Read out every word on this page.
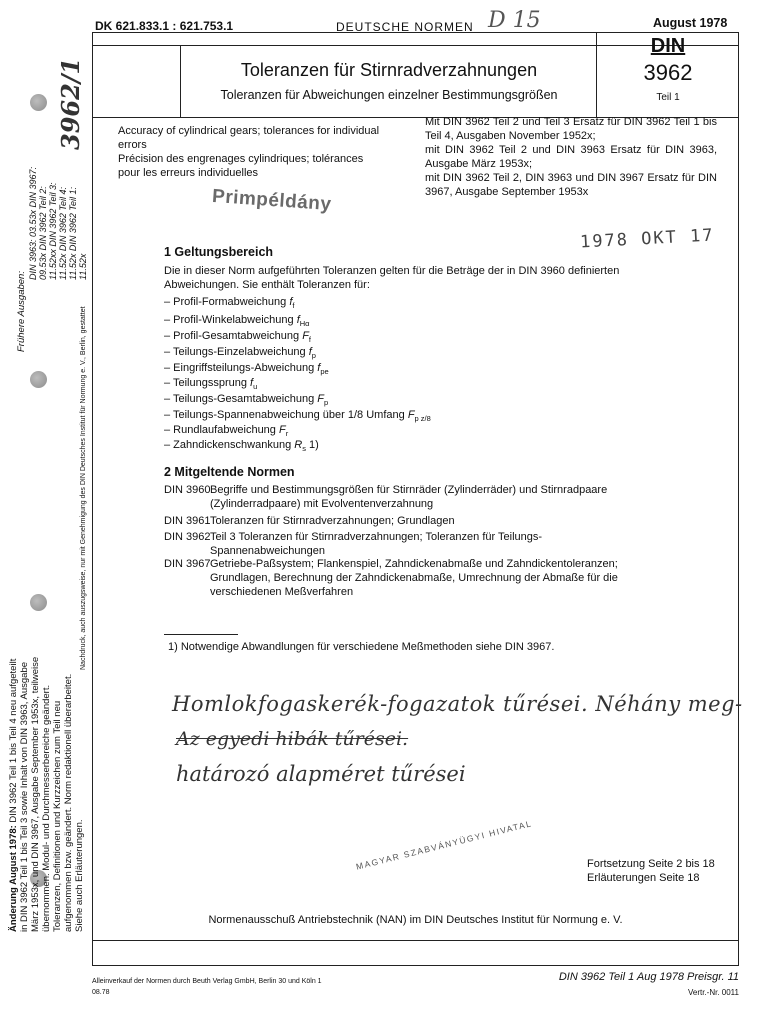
Frühere Ausgaben:
DIN 3963: 03.53x DIN 3967: 09.53x DIN 3962 Teil 2: 11.52xx DIN 3962 Teil 3: 11.52x DIN 3962 Teil 4: 11.52x DIN 3962 Teil 1: 11.52x
3962/1
Änderung August 1978: DIN 3962 Teil 1 bis Teil 4 neu aufgeteilt in DIN 3962 Teil 1 bis Teil 3 sowie Inhalt von DIN 3963, Ausgabe März 1953x, und DIN 3967, Ausgabe September 1953x, teilweise übernommen. Modul- und Durchmesserbereiche geändert. Toleranzen, Definitionen und Kurzzeichen zum Teil neu aufgenommen bzw. geändert. Norm redaktionell überarbeitet. Siehe auch Erläuterungen.
Nachdruck, auch auszugsweise, nur mit Genehmigung des DIN Deutsches Institut für Normung e. V., Berlin, gestattet
DK 621.833.1 : 621.753.1	DEUTSCHE NORMEN D 15	August 1978
Toleranzen für Stirnradverzahnungen
Toleranzen für Abweichungen einzelner Bestimmungsgrößen
DIN
3962
Teil 1
Accuracy of cylindrical gears; tolerances for individual errors
Précision des engrenages cylindriques; tolérances pour les erreurs individuelles
Mit DIN 3962 Teil 2 und Teil 3 Ersatz für DIN 3962 Teil 1 bis Teil 4, Ausgaben November 1952x;
mit DIN 3962 Teil 2 und DIN 3963 Ersatz für DIN 3963, Ausgabe März 1953x;
mit DIN 3962 Teil 2, DIN 3963 und DIN 3967 Ersatz für DIN 3967, Ausgabe September 1953x
Primpéldány
1978 OKT 17
1 Geltungsbereich
Die in dieser Norm aufgeführten Toleranzen gelten für die Beträge der in DIN 3960 definierten Abweichungen. Sie enthält Toleranzen für:
– Profil-Formabweichung $f_f$
– Profil-Winkelabweichung $f_{H\alpha}$
– Profil-Gesamtabweichung $F_f$
– Teilungs-Einzelabweichung $f_p$
– Eingriffsteilungs-Abweichung $f_{pe}$
– Teilungssprung $f_u$
– Teilungs-Gesamtabweichung $F_p$
– Teilungs-Spannenabweichung über 1/8 Umfang $F_{p z/8}$
– Rundlaufabweichung $F_r$
– Zahndickenschwankung $R_s$ 1)
2 Mitgeltende Normen
DIN 3960 Begriffe und Bestimmungsgrößen für Stirnräder (Zylinderräder) und Stirnradpaare (Zylinderradpaare) mit Evolventenverzahnung
DIN 3961 Toleranzen für Stirnradverzahnungen; Grundlagen
DIN 3962 Teil 3 Toleranzen für Stirnradverzahnungen; Toleranzen für Teilungs-Spannenabweichungen
DIN 3967 Getriebe-Paßsystem; Flankenspiel, Zahndickenabmaße und Zahndickentoleranzen; Grundlagen, Berechnung der Zahndickenabmaße, Umrechnung der Abmaße für die verschiedenen Meßverfahren
1) Notwendige Abwandlungen für verschiedene Meßmethoden siehe DIN 3967.
Homlokfogaskerék-fogazatok tűrései. Néhány meg-
Az egyedi hibák tűrései.
határozó alapméret tűrései
MAGYAR SZABVÁNYÜGYI HIVATAL	Fortsetzung Seite 2 bis 18
Erläuterungen Seite 18
Normenausschuß Antriebstechnik (NAN) im DIN Deutsches Institut für Normung e. V.
Alleinverkauf der Normen durch Beuth Verlag GmbH, Berlin 30 und Köln 1
08.78
DIN 3962 Teil 1 Aug 1978 Preisgr. 11
Vertr.-Nr. 0011
